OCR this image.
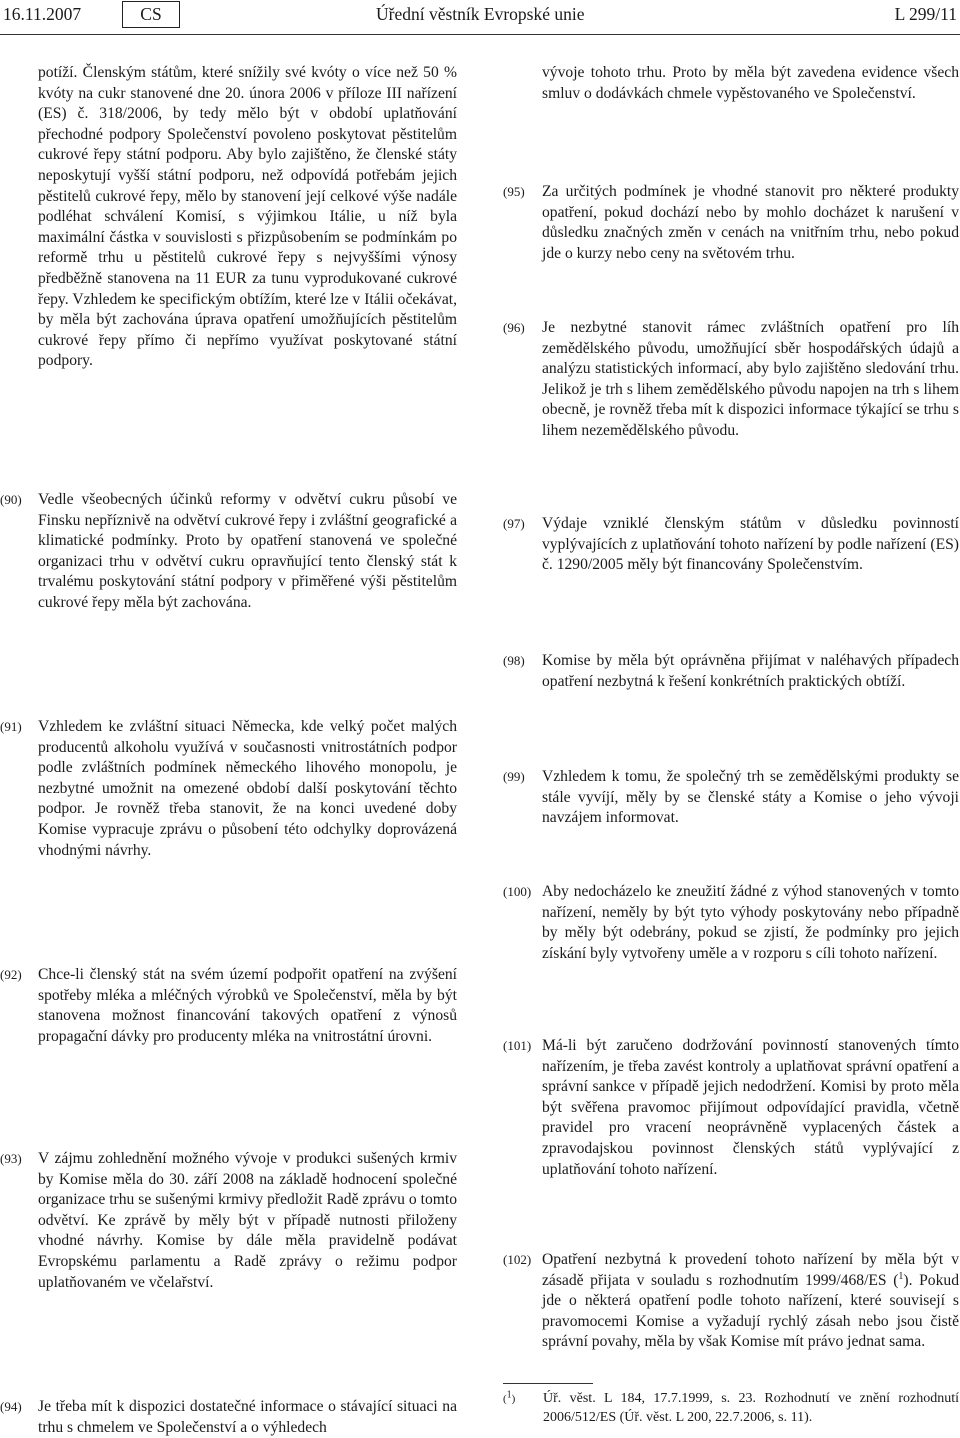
16.11.2007	CS	Úřední věstník Evropské unie	L 299/11

potíží. Členským státům, které snížily své kvóty o více než 50 % kvóty na cukr stanovené dne 20. února 2006 v příloze III nařízení (ES) č. 318/2006, by tedy mělo být v období uplatňování přechodné podpory Společenství povoleno poskytovat pěstitelům cukrové řepy státní podporu. Aby bylo zajištěno, že členské státy neposkytují vyšší státní podporu, než odpovídá potřebám jejich pěstitelů cukrové řepy, mělo by stanovení její celkové výše nadále podléhat schválení Komisí, s výjimkou Itálie, u níž byla maximální částka v souvislosti s přizpůsobením se podmínkám po reformě trhu u pěstitelů cukrové řepy s nejvyššími výnosy předběžně stanovena na 11 EUR za tunu vyprodukované cukrové řepy. Vzhledem ke specifickým obtížím, které lze v Itálii očekávat, by měla být zachována úprava opatření umožňujících pěstitelům cukrové řepy přímo či nepřímo využívat poskytované státní podpory.

vývoje tohoto trhu. Proto by měla být zavedena evidence všech smluv o dodávkách chmele vypěstovaného ve Společenství.

(90) Vedle všeobecných účinků reformy v odvětví cukru působí ve Finsku nepříznivě na odvětví cukrové řepy i zvláštní geografické a klimatické podmínky. Proto by opatření stanovená ve společné organizaci trhu v odvětví cukru opravňující tento členský stát k trvalému poskytování státní podpory v přiměřené výši pěstitelům cukrové řepy měla být zachována.
(91) Vzhledem ke zvláštní situaci Německa, kde velký počet malých producentů alkoholu využívá v současnosti vnitrostátních podpor podle zvláštních podmínek německého lihového monopolu, je nezbytné umožnit na omezené období další poskytování těchto podpor. Je rovněž třeba stanovit, že na konci uvedené doby Komise vypracuje zprávu o působení této odchylky doprovázená vhodnými návrhy.
(92) Chce-li členský stát na svém území podpořit opatření na zvýšení spotřeby mléka a mléčných výrobků ve Společenství, měla by být stanovena možnost financování takových opatření z výnosů propagační dávky pro producenty mléka na vnitrostátní úrovni.
(93) V zájmu zohlednění možného vývoje v produkci sušených krmiv by Komise měla do 30. září 2008 na základě hodnocení společné organizace trhu se sušenými krmivy předložit Radě zprávu o tomto odvětví. Ke zprávě by měly být v případě nutnosti přiloženy vhodné návrhy. Komise by dále měla pravidelně podávat Evropskému parlamentu a Radě zprávy o režimu podpor uplatňovaném ve včelařství.
(94) Je třeba mít k dispozici dostatečné informace o stávající situaci na trhu s chmelem ve Společenství a o výhledech
(95) Za určitých podmínek je vhodné stanovit pro některé produkty opatření, pokud dochází nebo by mohlo docházet k narušení v důsledku značných změn v cenách na vnitřním trhu, nebo pokud jde o kurzy nebo ceny na světovém trhu.
(96) Je nezbytné stanovit rámec zvláštních opatření pro líh zemědělského původu, umožňující sběr hospodářských údajů a analýzu statistických informací, aby bylo zajištěno sledování trhu. Jelikož je trh s lihem zemědělského původu napojen na trh s lihem obecně, je rovněž třeba mít k dispozici informace týkající se trhu s lihem nezemědělského původu.
(97) Výdaje vzniklé členským státům v důsledku povinností vyplývajících z uplatňování tohoto nařízení by podle nařízení (ES) č. 1290/2005 měly být financovány Společenstvím.
(98) Komise by měla být oprávněna přijímat v naléhavých případech opatření nezbytná k řešení konkrétních praktických obtíží.
(99) Vzhledem k tomu, že společný trh se zemědělskými produkty se stále vyvíjí, měly by se členské státy a Komise o jeho vývoji navzájem informovat.
(100) Aby nedocházelo ke zneužití žádné z výhod stanovených v tomto nařízení, neměly by být tyto výhody poskytovány nebo případně by měly být odebrány, pokud se zjistí, že podmínky pro jejich získání byly vytvořeny uměle a v rozporu s cíli tohoto nařízení.
(101) Má-li být zaručeno dodržování povinností stanovených tímto nařízením, je třeba zavést kontroly a uplatňovat správní opatření a správní sankce v případě jejich nedodržení. Komisi by proto měla být svěřena pravomoc přijímout odpovídající pravidla, včetně pravidel pro vracení neoprávněně vyplacených částek a zpravodajskou povinnost členských států vyplývající z uplatňování tohoto nařízení.
(102) Opatření nezbytná k provedení tohoto nařízení by měla být v zásadě přijata v souladu s rozhodnutím 1999/468/ES ($^1$). Pokud jde o některá opatření podle tohoto nařízení, které souvisejí s pravomocemi Komise a vyžadují rychlý zásah nebo jsou čistě správní povahy, měla by však Komise mít právo jednat sama.
($^1$) Úř. věst. L 184, 17.7.1999, s. 23. Rozhodnutí ve znění rozhodnutí 2006/512/ES (Úř. věst. L 200, 22.7.2006, s. 11).
